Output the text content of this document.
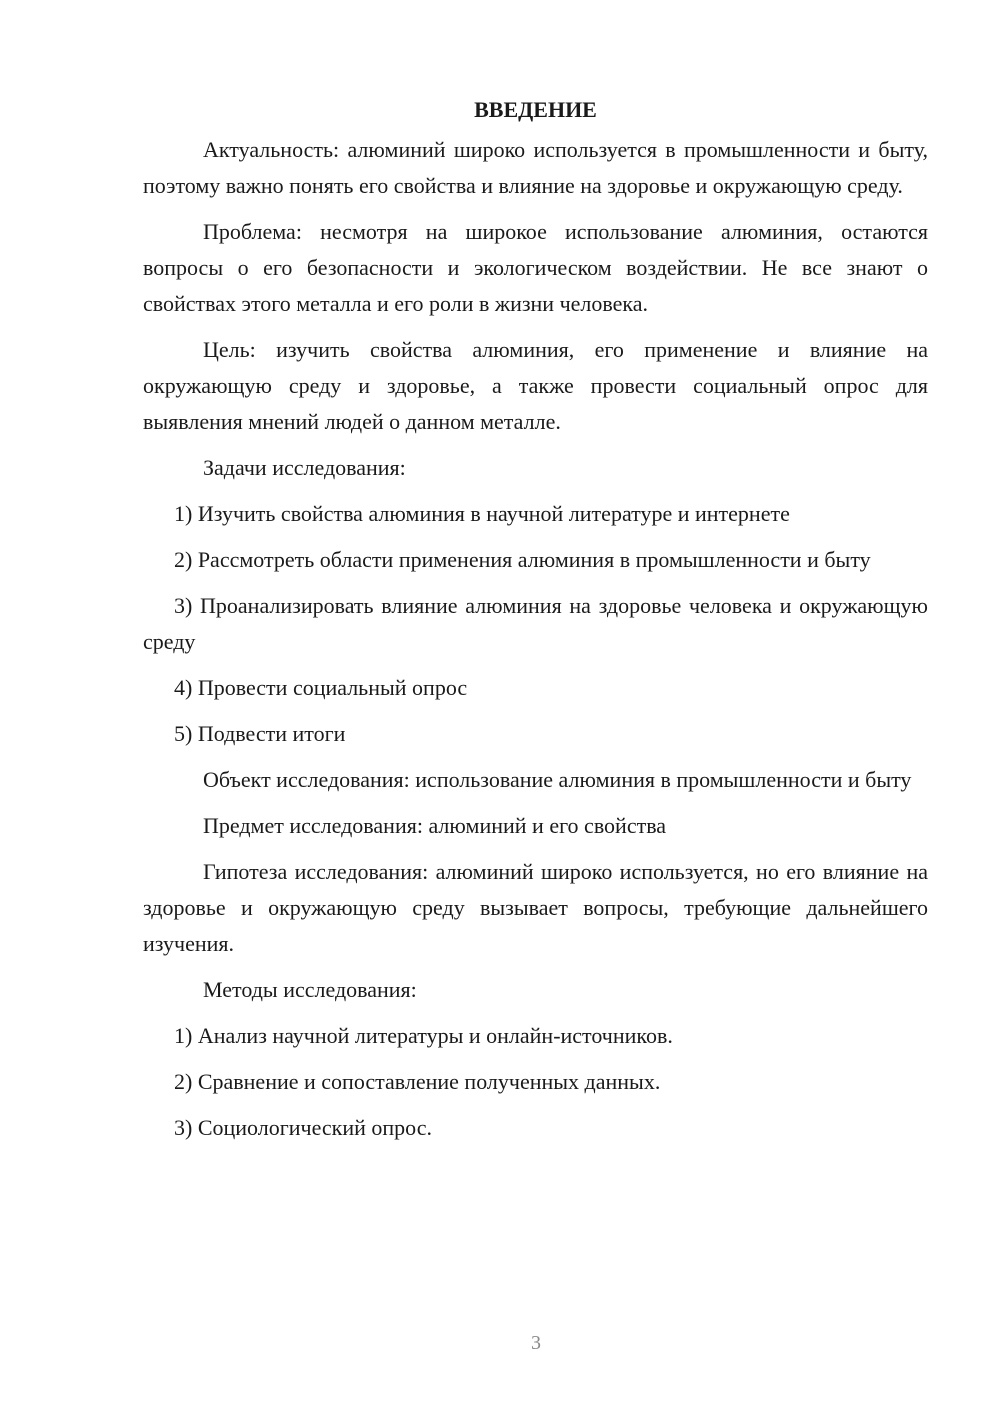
ВВЕДЕНИЕ

Актуальность: алюминий широко используется в промышленности и быту, поэтому важно понять его свойства и влияние на здоровье и окружающую среду.

Проблема: несмотря на широкое использование алюминия, остаются вопросы о его безопасности и экологическом воздействии. Не все знают о свойствах этого металла и его роли в жизни человека.

Цель: изучить свойства алюминия, его применение и влияние на окружающую среду и здоровье, а также провести социальный опрос для выявления мнений людей о данном металле.

Задачи исследования:

1) Изучить свойства алюминия в научной литературе и интернете

2) Рассмотреть области применения алюминия в промышленности и быту

3) Проанализировать влияние алюминия на здоровье человека и окружающую среду

4) Провести социальный опрос

5) Подвести итоги

Объект исследования: использование алюминия в промышленности и быту

Предмет исследования: алюминий и его свойства

Гипотеза исследования: алюминий широко используется, но его влияние на здоровье и окружающую среду вызывает вопросы, требующие дальнейшего изучения.

Методы исследования:

1) Анализ научной литературы и онлайн-источников.

2) Сравнение и сопоставление полученных данных.

3) Социологический опрос.

3
